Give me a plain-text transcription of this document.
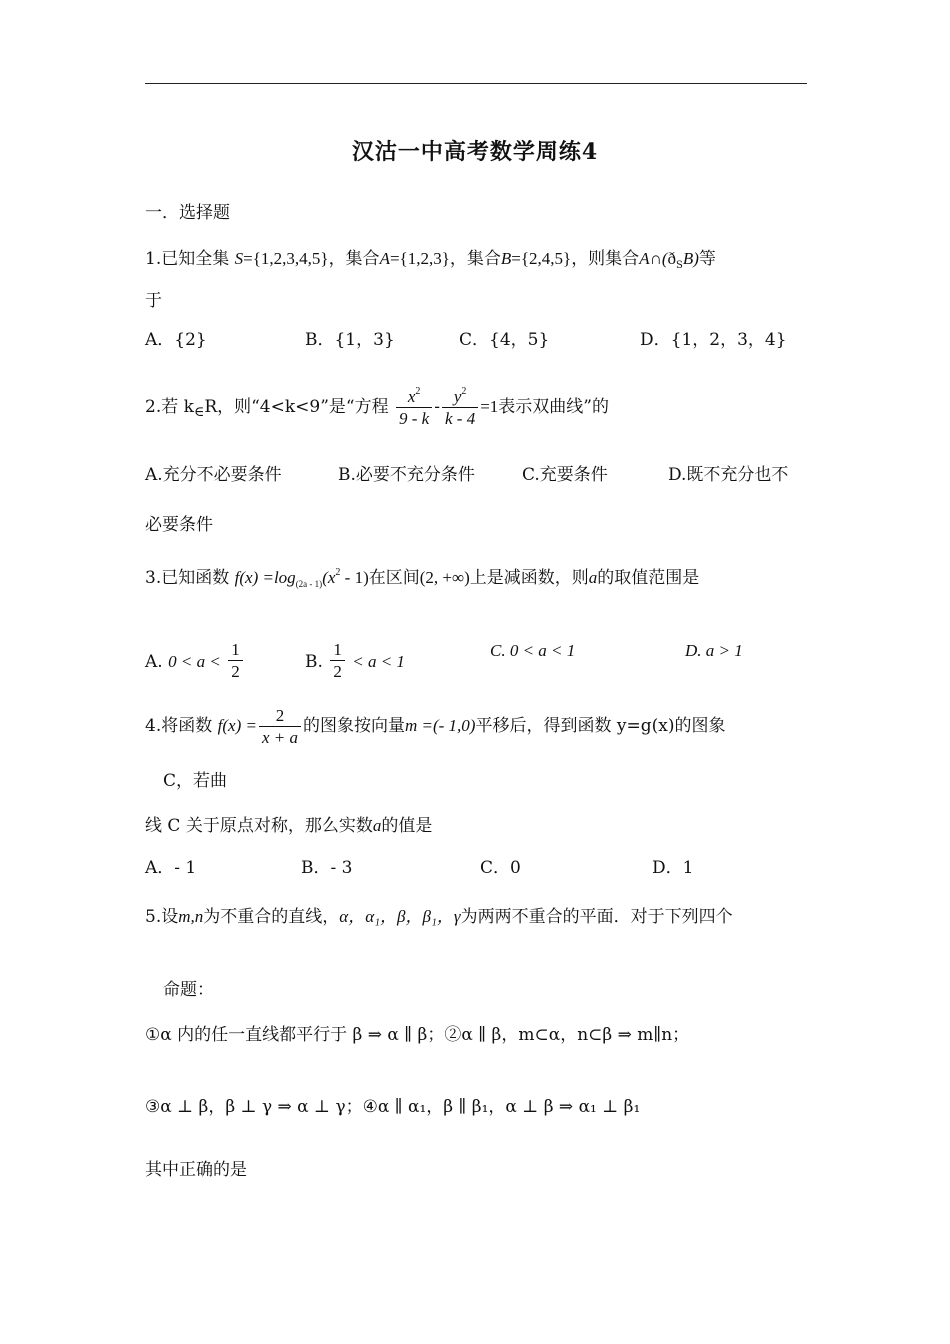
汉沽一中高考数学周练4
一．选择题
1.已知全集 S={1,2,3,4,5}，集合A={1,2,3}，集合B={2,4,5}，则集合$A\cap(ð_SB)$等
于
A．{2}	B．{1，3}	C．{4，5}	D．{1，2，3，4}
2.若 $k_\in R$，则“4<k<9”是“方程 $\frac{x^2}{9 - k} - \frac{y^2}{k - 4} =1$表示双曲线”的
A.充分不必要条件	B.必要不充分条件	C.充要条件	D.既不充分也不
必要条件
3.已知函数 $f(x) =\log_{(2a - 1)}(x^2 - 1)$在区间(2, +∞)上是减函数，则a的取值范围是
A. $0 < a < \frac{1}{2}$	B. $\frac{1}{2} < a < 1$
C. 0 < a < 1	D. a > 1
4.将函数 $f(x) = \frac{2}{x + a}$ 的图象按向量m =(- 1,0)平移后，得到函数 y=g(x)的图象
C，若曲
线 C 关于原点对称，那么实数a的值是
A．- 1	B．- 3	C．0	D．1
5.设m,n为不重合的直线，α，α₁，β，β₁，γ为两两不重合的平面．对于下列四个
命题：
①α 内的任一直线都平行于 β ⇒ α ∥ β；②α ∥ β，m⊂α，n⊂β ⇒ m∥n；
③α ⊥ β，β ⊥ γ ⇒ α ⊥ γ；④α ∥ α₁，β ∥ β₁，α ⊥ β ⇒ α₁ ⊥ β₁
其中正确的是
